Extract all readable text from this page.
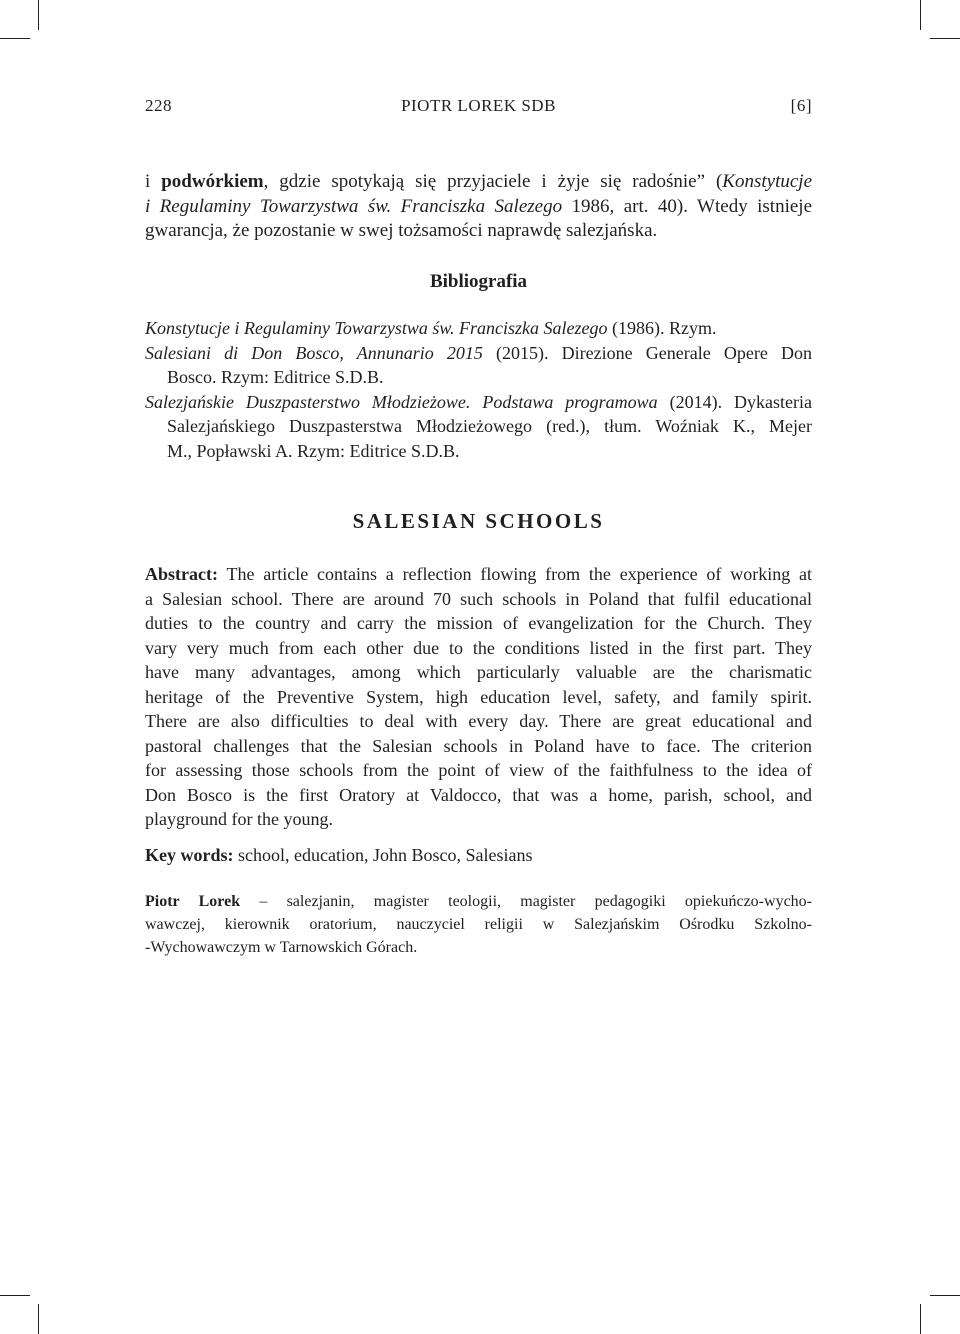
228	PIOTR LOREK SDB	[6]
i podwórkiem, gdzie spotykają się przyjaciele i żyje się radośnie” (Konstytucje
i Regulaminy Towarzystwa św. Franciszka Salezego 1986, art. 40). Wtedy istnieje
gwarancja, że pozostanie w swej tożsamości naprawdę salezjańska.
Bibliografia
Konstytucje i Regulaminy Towarzystwa św. Franciszka Salezego (1986). Rzym.
Salesiani di Don Bosco, Annunario 2015 (2015). Direzione Generale Opere Don
Bosco. Rzym: Editrice S.D.B.
Salezjańskie Duszpasterstwo Młodzieżowe. Podstawa programowa (2014). Dykasteria
Salezjańskiego Duszpasterstwa Młodzieżowego (red.), tłum. Woźniak K., Mejer
M., Popławski A. Rzym: Editrice S.D.B.
SALESIAN SCHOOLS
Abstract: The article contains a reflection flowing from the experience of working at
a Salesian school. There are around 70 such schools in Poland that fulfil educational
duties to the country and carry the mission of evangelization for the Church. They
vary very much from each other due to the conditions listed in the first part. They
have many advantages, among which particularly valuable are the charismatic
heritage of the Preventive System, high education level, safety, and family spirit.
There are also difficulties to deal with every day. There are great educational and
pastoral challenges that the Salesian schools in Poland have to face. The criterion
for assessing those schools from the point of view of the faithfulness to the idea of
Don Bosco is the first Oratory at Valdocco, that was a home, parish, school, and
playground for the young.
Key words: school, education, John Bosco, Salesians
Piotr Lorek – salezjanin, magister teologii, magister pedagogiki opiekuńczo-wycho-
wawczej, kierownik oratorium, nauczyciel religii w Salezjańskim Ośrodku Szkolno-
-Wychowawczym w Tarnowskich Górach.
